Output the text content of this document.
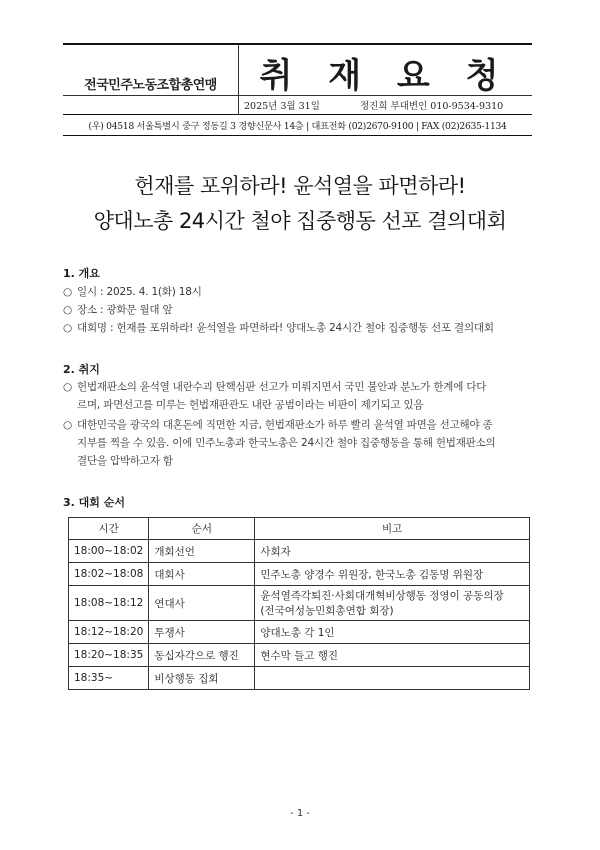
전국민주노동조합총연맹	취 재 요 청
2025년 3월 31일	정진희 부대변인 010-9534-9310
(우) 04518 서울특별시 중구 정동길 3 경향신문사 14층 | 대표전화 (02)2670-9100 | FAX (02)2635-1134
헌재를 포위하라! 윤석열을 파면하라!
양대노총 24시간 철야 집중행동 선포 결의대회
1. 개요
○ 일시 : 2025. 4. 1(화) 18시
○ 장소 : 광화문 월대 앞
○ 대회명 : 헌재를 포위하라! 윤석열을 파면하라! 양대노총 24시간 철야 집중행동 선포 결의대회
2. 취지
○ 헌법재판소의 윤석열 내란수괴 탄핵심판 선고가 미뤄지면서 국민 불안과 분노가 한계에 다다
르며, 파면선고를 미루는 헌법재판관도 내란 공범이라는 비판이 제기되고 있음
○ 대한민국을 광국의 대혼돈에 직면한 지금, 헌법재판소가 하루 빨리 윤석열 파면을 선고해야 종
지부를 찍을 수 있음. 이에 민주노총과 한국노총은 24시간 철야 집중행동을 통해 헌법재판소의
결단을 압박하고자 함
3. 대회 순서
시간	순서	비고
18:00~18:02	개회선언	사회자
18:02~18:08	대회사	민주노총 양경수 위원장, 한국노총 김동명 위원장
18:08~18:12	연대사	윤석열즉각퇴진·사회대개혁비상행동 정영이 공동의장
(전국여성농민회총연합 회장)

18:12~18:20	투쟁사	양대노총 각 1인
18:20~18:35	동십자각으로 행진	현수막 들고 행진
18:35~	비상행동 집회	
- 1 -
